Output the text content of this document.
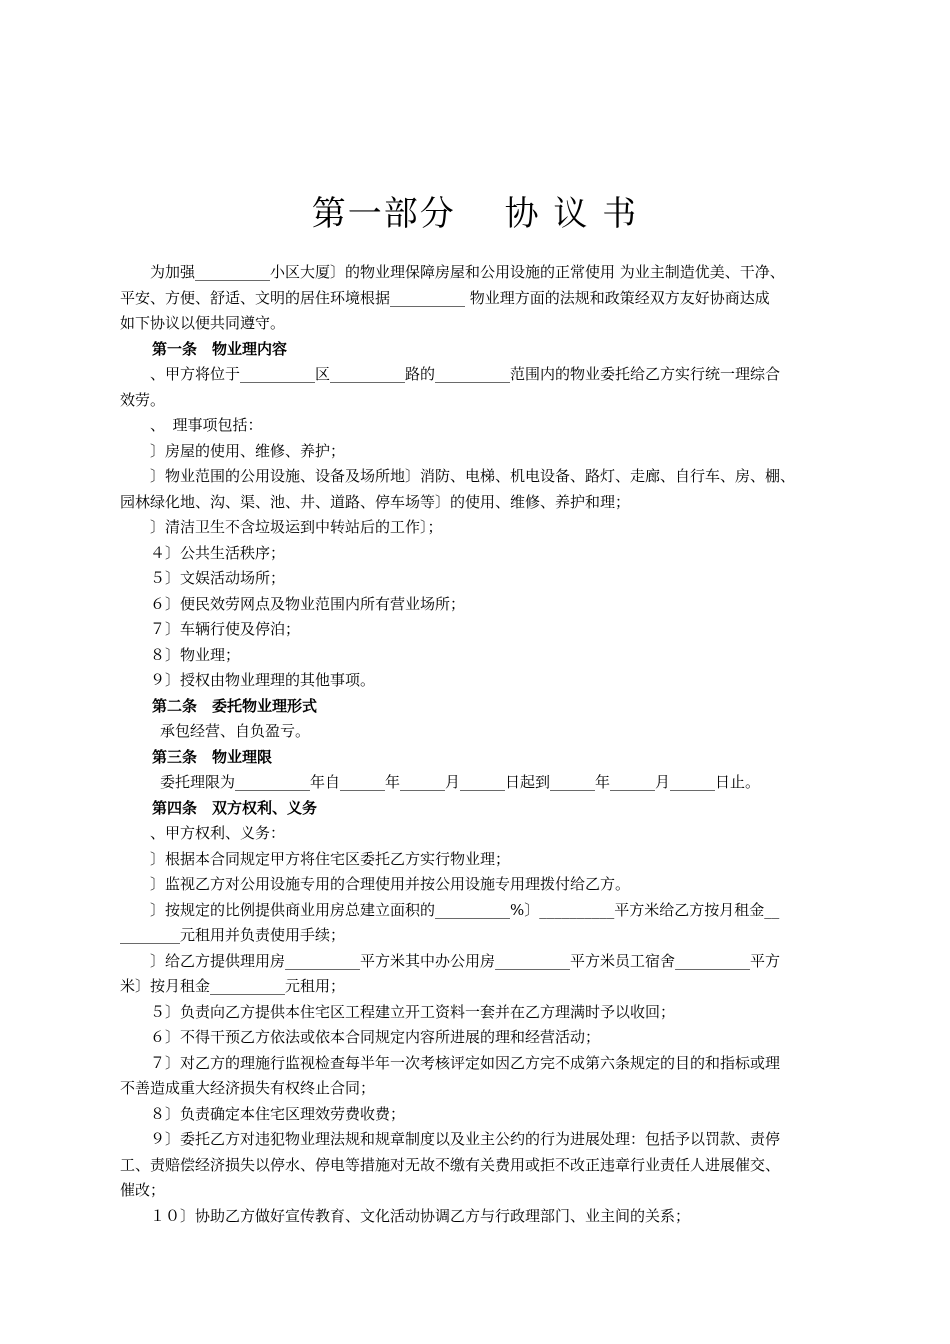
第一部分　 协 议 书

为加强__________小区大厦〕的物业理保障房屋和公用设施的正常使用 为业主制造优美、干净、

平安、方便、舒适、文明的居住环境根据__________ 物业理方面的法规和政策经双方友好协商达成

如下协议以便共同遵守。

第一条　物业理内容

、甲方将位于__________区__________路的__________范围内的物业委托给乙方实行统一理综合

效劳。

、　理事项包括：

〕房屋的使用、维修、养护；

〕物业范围的公用设施、设备及场所地〕消防、电梯、机电设备、路灯、走廊、自行车、房、棚、

园林绿化地、沟、渠、池、井、道路、停车场等〕的使用、维修、养护和理；

〕清洁卫生不含垃圾运到中转站后的工作〕；

４〕公共生活秩序；

５〕文娱活动场所；

６〕便民效劳网点及物业范围内所有营业场所；

７〕车辆行使及停泊；

８〕物业理；

９〕授权由物业理理的其他事项。

第二条　委托物业理形式

承包经营、自负盈亏。

第三条　物业理限

委托理限为__________年自______年______月______日起到______年______月______日止。

第四条　双方权利、义务

、甲方权利、义务：

〕根据本合同规定甲方将住宅区委托乙方实行物业理；

〕监视乙方对公用设施专用的合理使用并按公用设施专用理拨付给乙方。

〕按规定的比例提供商业用房总建立面积的__________%〕__________平方米给乙方按月租金__

________元租用并负责使用手续；

〕给乙方提供理用房__________平方米其中办公用房__________平方米员工宿舍__________平方

米〕按月租金__________元租用；

５〕负责向乙方提供本住宅区工程建立开工资料一套并在乙方理满时予以收回；

６〕不得干预乙方依法或依本合同规定内容所进展的理和经营活动；

７〕对乙方的理施行监视检查每半年一次考核评定如因乙方完不成第六条规定的目的和指标或理

不善造成重大经济损失有权终止合同；

８〕负责确定本住宅区理效劳费收费；

９〕委托乙方对违犯物业理法规和规章制度以及业主公约的行为进展处理：包括予以罚款、责停

工、责赔偿经济损失以停水、停电等措施对无故不缴有关费用或拒不改正违章行业责任人进展催交、

催改；

１０〕协助乙方做好宣传教育、文化活动协调乙方与行政理部门、业主间的关系；
